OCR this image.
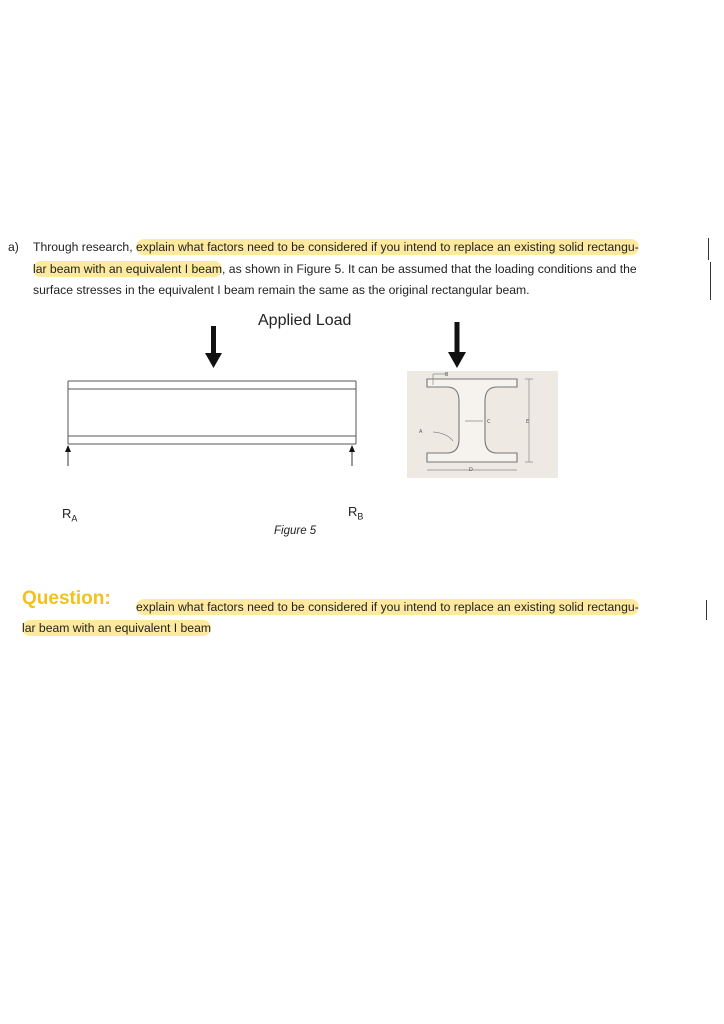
a) Through research, explain what factors need to be considered if you intend to replace an existing solid rectangu-
lar beam with an equivalent I beam, as shown in Figure 5. It can be assumed that the loading conditions and the
surface stresses in the equivalent I beam remain the same as the original rectangular beam.
Applied Load
$R_A$	$R_B$
Figure 5
B
C
A
D
E
Question: explain what factors need to be considered if you intend to replace an existing solid rectangu-
lar beam with an equivalent I beam
